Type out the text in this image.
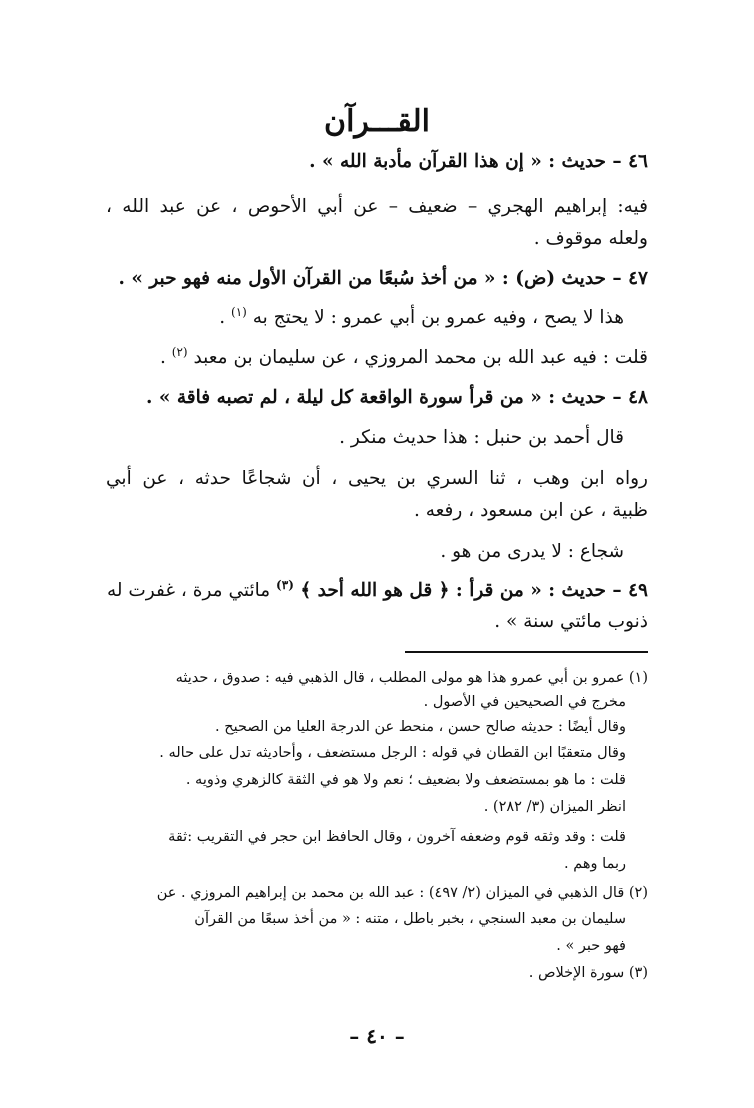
القـــرآن
٤٦ – حديث : « إن هذا القرآن مأدبة الله » .
فيه: إبراهيم الهجري – ضعيف – عن أبي الأحوص ، عن عبد الله ،
ولعله موقوف .
٤٧ – حديث (ض) : « من أخذ سُبعًا من القرآن الأول منه فهو حبر » .
هذا لا يصح ، وفيه عمرو بن أبي عمرو : لا يحتج به $^{(١)}$ .
قلت : فيه عبد الله بن محمد المروزي ، عن سليمان بن معبد $^{(٢)}$ .
٤٨ – حديث : « من قرأ سورة الواقعة كل ليلة ، لم تصبه فاقة » .
قال أحمد بن حنبل : هذا حديث منكر .
رواه ابن وهب ، ثنا السري بن يحيى ، أن شجاعًا حدثه ، عن أبي
ظبية ، عن ابن مسعود ، رفعه .
شجاع : لا يدرى من هو .
٤٩ – حديث : « من قرأ : ﴿ قل هو الله أحد ﴾ $^{(٣)}$ مائتي مرة ، غفرت له
ذنوب مائتي سنة » .
(١) عمرو بن أبي عمرو هذا هو مولى المطلب ، قال الذهبي فيه : صدوق ، حديثه
مخرج في الصحيحين في الأصول .
وقال أيضًا : حديثه صالح حسن ، منحط عن الدرجة العليا من الصحيح .
وقال متعقبًا ابن القطان في قوله : الرجل مستضعف ، وأحاديثه تدل على حاله .
قلت : ما هو بمستضعف ولا بضعيف ؛ نعم ولا هو في الثقة كالزهري وذويه .
انظر الميزان (٣/ ٢٨٢) .
قلت : وقد وثقه قوم وضعفه آخرون ، وقال الحافظ ابن حجر في التقريب :ثقة
ربما وهم .
(٢) قال الذهبي في الميزان (٢/ ٤٩٧) : عبد الله بن محمد بن إبراهيم المروزي . عن
سليمان بن معبد السنجي ، بخبر باطل ، متنه : « من أخذ سبعًا من القرآن
فهو حبر » .
(٣) سورة الإخلاص .
– ٤٠ –
